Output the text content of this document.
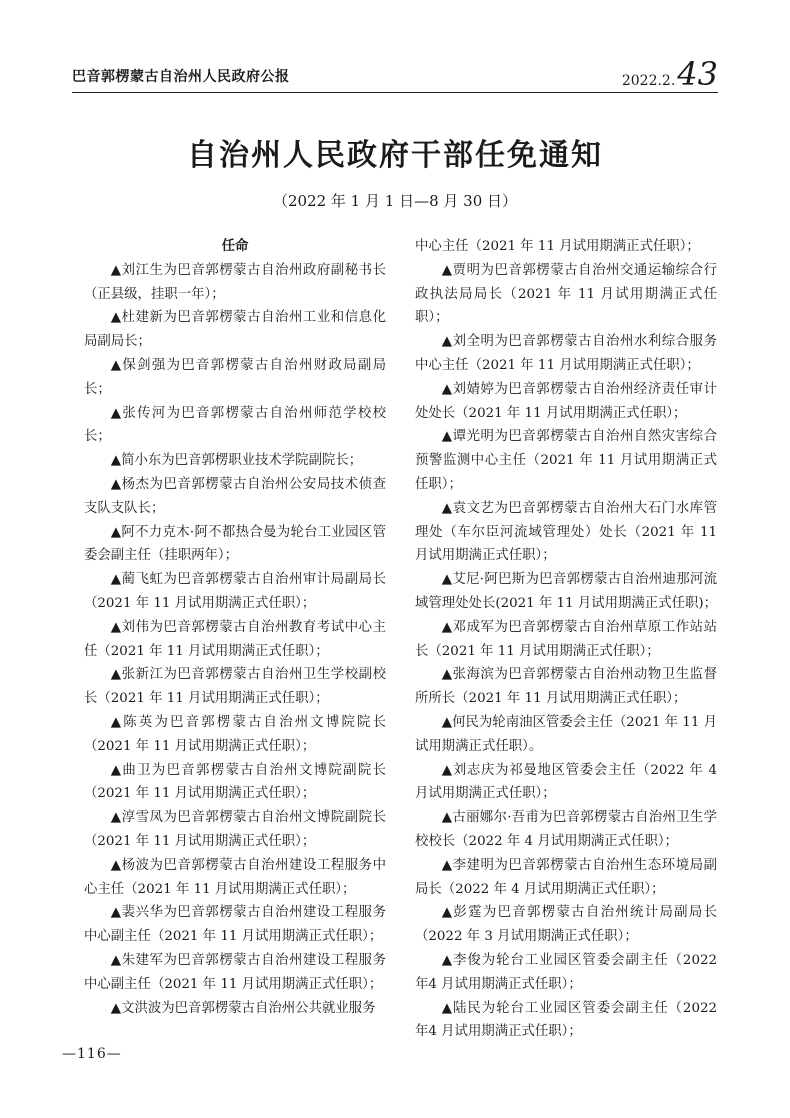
巴音郭楞蒙古自治州人民政府公报	2022.2.43
自治州人民政府干部任免通知
（2022 年 1 月 1 日—8 月 30 日）

任命

▲刘江生为巴音郭楞蒙古自治州政府副秘书长（正县级，挂职一年）；

▲杜建新为巴音郭楞蒙古自治州工业和信息化局副局长；

▲保剑强为巴音郭楞蒙古自治州财政局副局长；

▲张传河为巴音郭楞蒙古自治州师范学校校长；

▲简小东为巴音郭楞职业技术学院副院长；

▲杨杰为巴音郭楞蒙古自治州公安局技术侦查支队支队长；

▲阿不力克木·阿不都热合曼为轮台工业园区管委会副主任（挂职两年）；

▲蔺飞虹为巴音郭楞蒙古自治州审计局副局长（2021 年 11 月试用期满正式任职）；

▲刘伟为巴音郭楞蒙古自治州教育考试中心主任（2021 年 11 月试用期满正式任职）；

▲张新江为巴音郭楞蒙古自治州卫生学校副校长（2021 年 11 月试用期满正式任职）；

▲陈英为巴音郭楞蒙古自治州文博院院长（2021 年 11 月试用期满正式任职）；

▲曲卫为巴音郭楞蒙古自治州文博院副院长（2021 年 11 月试用期满正式任职）；

▲淳雪凤为巴音郭楞蒙古自治州文博院副院长（2021 年 11 月试用期满正式任职）；

▲杨波为巴音郭楞蒙古自治州建设工程服务中心主任（2021 年 11 月试用期满正式任职）；

▲裴兴华为巴音郭楞蒙古自治州建设工程服务中心副主任（2021 年 11 月试用期满正式任职）；

▲朱建军为巴音郭楞蒙古自治州建设工程服务中心副主任（2021 年 11 月试用期满正式任职）；

▲文洪波为巴音郭楞蒙古自治州公共就业服务

中心主任（2021 年 11 月试用期满正式任职）；

▲贾明为巴音郭楞蒙古自治州交通运输综合行政执法局局长（2021 年 11 月试用期满正式任职）；

▲刘全明为巴音郭楞蒙古自治州水利综合服务中心主任（2021 年 11 月试用期满正式任职）；

▲刘婧婷为巴音郭楞蒙古自治州经济责任审计处处长（2021 年 11 月试用期满正式任职）；

▲谭光明为巴音郭楞蒙古自治州自然灾害综合预警监测中心主任（2021 年 11 月试用期满正式任职）；

▲袁文艺为巴音郭楞蒙古自治州大石门水库管理处（车尔臣河流域管理处）处长（2021 年 11 月试用期满正式任职）；

▲艾尼·阿巴斯为巴音郭楞蒙古自治州迪那河流域管理处处长(2021 年 11 月试用期满正式任职)；

▲邓成军为巴音郭楞蒙古自治州草原工作站站长（2021 年 11 月试用期满正式任职）；

▲张海滨为巴音郭楞蒙古自治州动物卫生监督所所长（2021 年 11 月试用期满正式任职）；

▲何民为轮南油区管委会主任（2021 年 11 月试用期满正式任职）。

▲刘志庆为祁曼地区管委会主任（2022 年 4 月试用期满正式任职）；

▲古丽娜尔·吾甫为巴音郭楞蒙古自治州卫生学校校长（2022 年 4 月试用期满正式任职）；

▲李建明为巴音郭楞蒙古自治州生态环境局副局长（2022 年 4 月试用期满正式任职）；

▲彭霆为巴音郭楞蒙古自治州统计局副局长（2022 年 3 月试用期满正式任职）；

▲李俊为轮台工业园区管委会副主任（2022 年4 月试用期满正式任职）；

▲陆民为轮台工业园区管委会副主任（2022 年4 月试用期满正式任职）；

—116—
